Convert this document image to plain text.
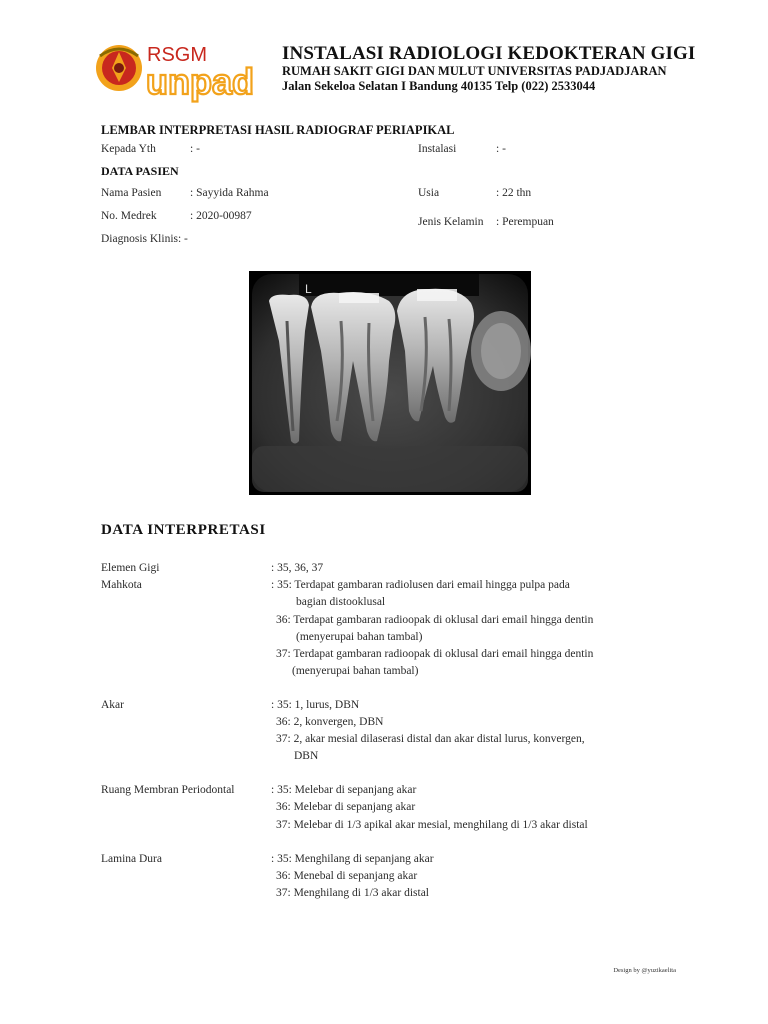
RSGM
unpad
INSTALASI RADIOLOGI KEDOKTERAN GIGI
RUMAH SAKIT GIGI DAN MULUT UNIVERSITAS PADJADJARAN
Jalan Sekeloa Selatan I Bandung 40135 Telp (022) 2533044
LEMBAR INTERPRETASI HASIL RADIOGRAF PERIAPIKAL
Kepada Yth	: -	Instalasi	: -
DATA PASIEN
Nama Pasien : Sayyida Rahma	Usia	: 22 thn
No. Medrek	: 2020-00987	Jenis Kelamin : Perempuan
Diagnosis Klinis: -
L
DATA INTERPRETASI
Elemen Gigi	: 35, 36, 37
Mahkota	: 35: Terdapat gambaran radiolusen dari email hingga pulpa pada
bagian distooklusal
36: Terdapat gambaran radioopak di oklusal dari email hingga dentin
(menyerupai bahan tambal)
37: Terdapat gambaran radioopak di oklusal dari email hingga dentin
(menyerupai bahan tambal)
Akar	: 35: 1, lurus, DBN
36: 2, konvergen, DBN
37: 2, akar mesial dilaserasi distal dan akar distal lurus, konvergen,
DBN
Ruang Membran Periodontal	: 35: Melebar di sepanjang akar
36: Melebar di sepanjang akar
37: Melebar di 1/3 apikal akar mesial, menghilang di 1/3 akar distal
Lamina Dura	: 35: Menghilang di sepanjang akar
36: Menebal di sepanjang akar
37: Menghilang di 1/3 akar distal
Design by @yuzikaelita
